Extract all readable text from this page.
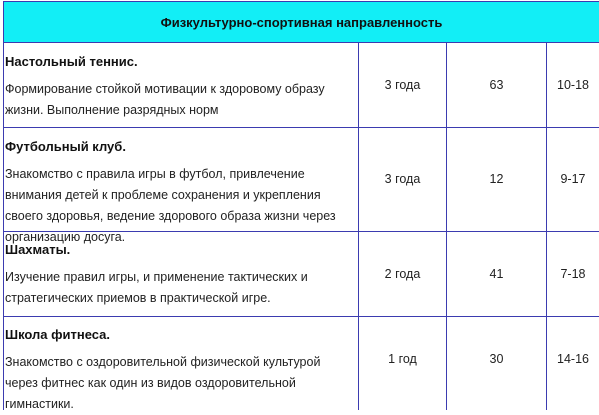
Физкультурно-спортивная направленность
Настольный теннис.
Формирование стойкой мотивации к здоровому образу жизни. Выполнение разрядных норм
3 года	63	10-18
Футбольный клуб.
Знакомство с правила игры в футбол, привлечение внимания детей к проблеме сохранения и укрепления своего здоровья, ведение здорового образа жизни через организацию досуга.
3 года	12	9-17
Шахматы.
Изучение правил игры, и применение тактических и стратегических приемов в практической игре.
2 года	41	7-18
Школа фитнеса.
Знакомство с оздоровительной физической культурой через фитнес как один из видов оздоровительной гимнастики.
1 год	30	14-16
